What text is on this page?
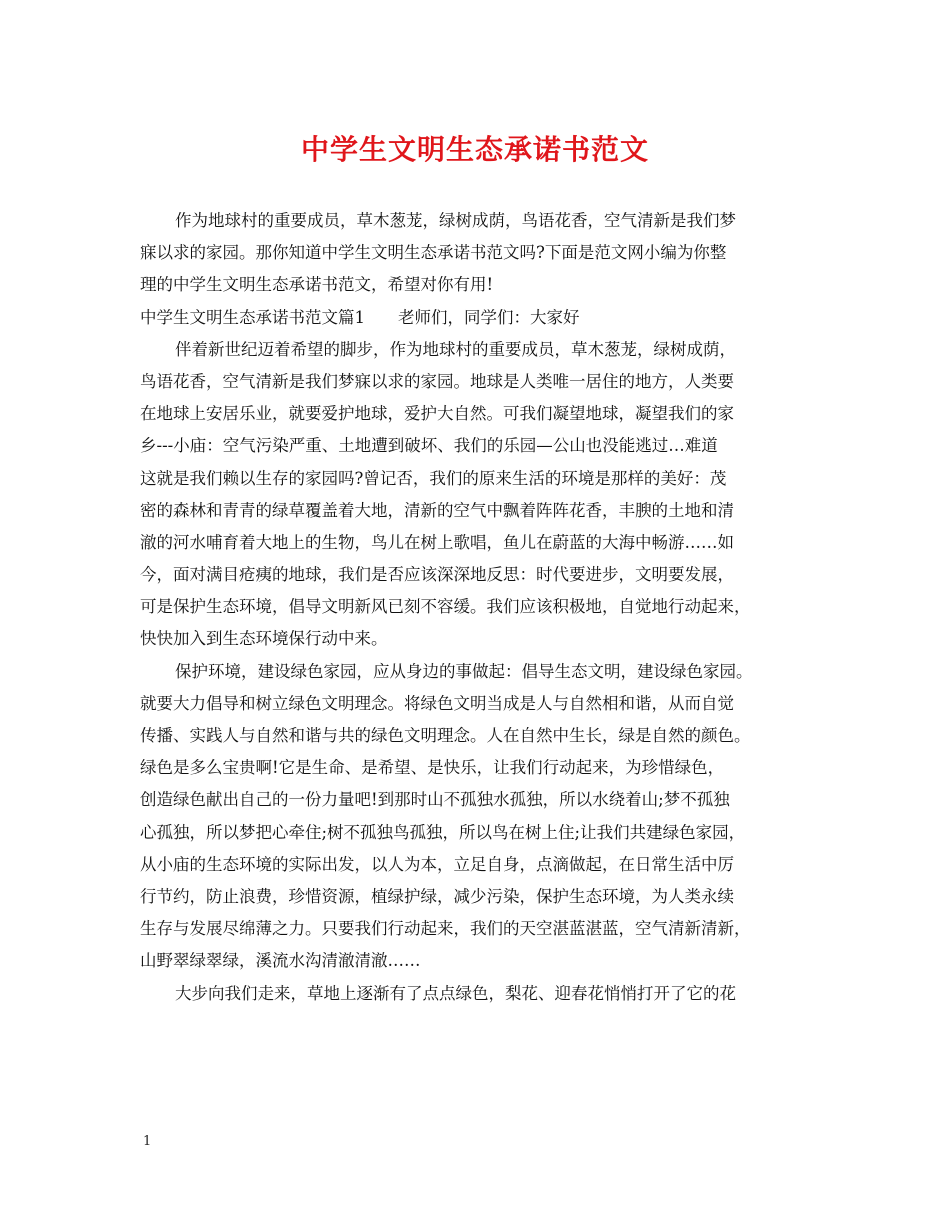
中学生文明生态承诺书范文
作为地球村的重要成员，草木葱茏，绿树成荫，鸟语花香，空气清新是我们梦
寐以求的家园。那你知道中学生文明生态承诺书范文吗?下面是范文网小编为你整
理的中学生文明生态承诺书范文，希望对你有用!
中学生文明生态承诺书范文篇1　　老师们，同学们：大家好
伴着新世纪迈着希望的脚步，作为地球村的重要成员，草木葱茏，绿树成荫，
鸟语花香，空气清新是我们梦寐以求的家园。地球是人类唯一居住的地方，人类要
在地球上安居乐业，就要爱护地球，爱护大自然。可我们凝望地球，凝望我们的家
乡---小庙：空气污染严重、土地遭到破坏、我们的乐园—公山也没能逃过…难道
这就是我们赖以生存的家园吗?曾记否，我们的原来生活的环境是那样的美好：茂
密的森林和青青的绿草覆盖着大地，清新的空气中飘着阵阵花香，丰腴的土地和清
澈的河水哺育着大地上的生物，鸟儿在树上歌唱，鱼儿在蔚蓝的大海中畅游……如
今，面对满目疮痍的地球，我们是否应该深深地反思：时代要进步，文明要发展，
可是保护生态环境，倡导文明新风已刻不容缓。我们应该积极地，自觉地行动起来，
快快加入到生态环境保行动中来。
保护环境，建设绿色家园，应从身边的事做起：倡导生态文明，建设绿色家园。
就要大力倡导和树立绿色文明理念。将绿色文明当成是人与自然相和谐，从而自觉
传播、实践人与自然和谐与共的绿色文明理念。人在自然中生长，绿是自然的颜色。
绿色是多么宝贵啊!它是生命、是希望、是快乐，让我们行动起来，为珍惜绿色，
创造绿色献出自己的一份力量吧!到那时山不孤独水孤独，所以水绕着山;梦不孤独
心孤独，所以梦把心牵住;树不孤独鸟孤独，所以鸟在树上住;让我们共建绿色家园，
从小庙的生态环境的实际出发，以人为本，立足自身，点滴做起，在日常生活中厉
行节约，防止浪费，珍惜资源，植绿护绿，减少污染，保护生态环境，为人类永续
生存与发展尽绵薄之力。只要我们行动起来，我们的天空湛蓝湛蓝，空气清新清新，
山野翠绿翠绿，溪流水沟清澈清澈……
大步向我们走来，草地上逐渐有了点点绿色，梨花、迎春花悄悄打开了它的花
1
